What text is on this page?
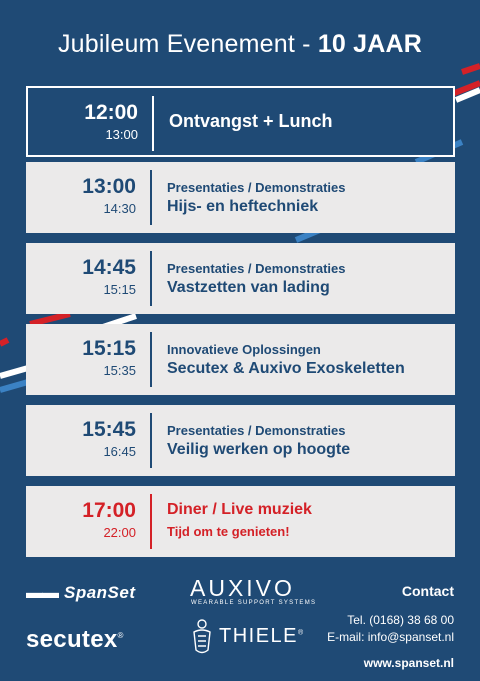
Jubileum Evenement - 10 JAAR
12:00
13:00
Ontvangst + Lunch
13:00
14:30
Presentaties / Demonstraties
Hijs- en heftechniek
14:45
15:15
Presentaties / Demonstraties
Vastzetten van lading
15:15
15:35
Innovatieve Oplossingen
Secutex & Auxivo Exoskeletten
15:45
16:45
Presentaties / Demonstraties
Veilig werken op hoogte
17:00
22:00
Diner / Live muziek
Tijd om te genieten!
▬▬ SpanSet AUXIVO
WEARABLE SUPPORT SYSTEMS
secutex®	THIELE®
Contact
Tel. (0168) 38 68 00
E-mail: info@spanset.nl
www.spanset.nl
